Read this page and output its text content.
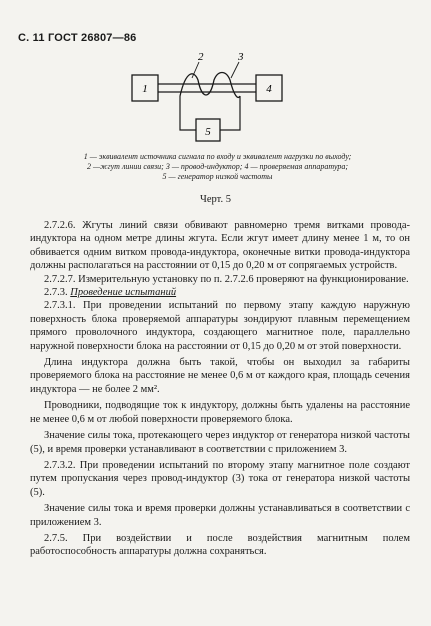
С. 11 ГОСТ 26807—86
1	4
5
2	3
1 — эквивалент источника сигнала по входу и эквивалент нагрузки по выходу;
2 —жгут линии связи; 3 — провод-индуктор; 4 — проверяемая аппаратура;
5 — генератор низкой частоты
Черт. 5

2.7.2.6. Жгуты линий связи обвивают равномерно тремя витками провода-индуктора на одном метре длины жгута. Если жгут имеет длину менее 1 м, то он обвивается одним витком провода-индуктора, оконечные витки провода-индуктора должны располагаться на расстоянии от 0,15 до 0,20 м от сопрягаемых устройств.

2.7.2.7. Измерительную установку по п. 2.7.2.6 проверяют на функционирование.

2.7.3. Проведение испытаний

2.7.3.1. При проведении испытаний по первому этапу каждую наружную поверхность блока проверяемой аппаратуры зондируют плавным перемещением прямого проволочного индуктора, создающего магнитное поле, параллельно наружной поверхности блока на расстоянии от 0,15 до 0,20 м от этой поверхности.

Длина индуктора должна быть такой, чтобы он выходил за габариты проверяемого блока на расстояние не менее 0,6 м от каждого края, площадь сечения индуктора — не более 2 мм².

Проводники, подводящие ток к индуктору, должны быть удалены на расстояние не менее 0,6 м от любой поверхности проверяемого блока.

Значение силы тока, протекающего через индуктор от генератора низкой частоты (5), и время проверки устанавливают в соответствии с приложением 3.

2.7.3.2. При проведении испытаний по второму этапу магнитное поле создают путем пропускания через провод-индуктор (3) тока от генератора низкой частоты (5).

Значение силы тока и время проверки должны устанавливаться в соответствии с приложением 3.

2.7.5. При воздействии и после воздействия магнитным полем работоспособность аппаратуры должна сохраняться.
